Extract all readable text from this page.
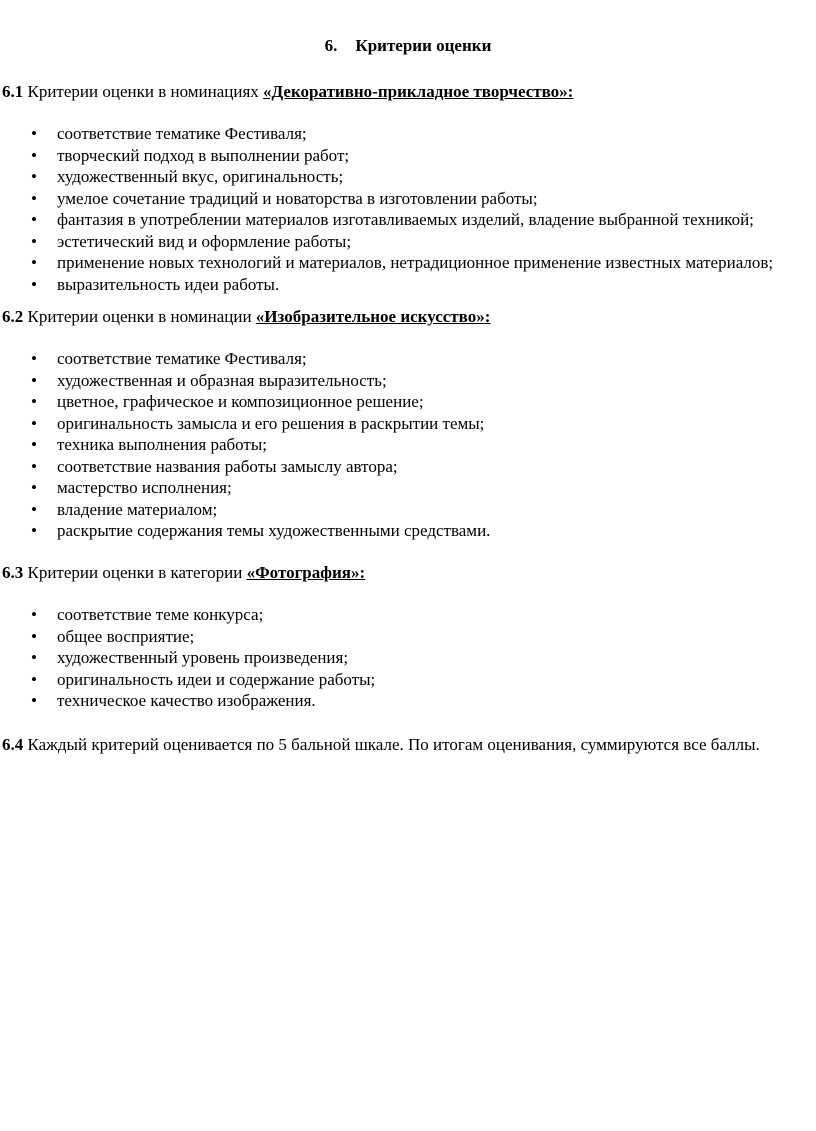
6. Критерии оценки
6.1 Критерии оценки в номинациях «Декоративно-прикладное творчество»:
• соответствие тематике Фестиваля;
• творческий подход в выполнении работ;
• художественный вкус, оригинальность;
• умелое сочетание традиций и новаторства в изготовлении работы;
• фантазия в употреблении материалов изготавливаемых изделий, владение выбранной техникой;
• эстетический вид и оформление работы;
• применение новых технологий и материалов, нетрадиционное применение известных материалов;
• выразительность идеи работы.
6.2 Критерии оценки в номинации «Изобразительное искусство»:
• соответствие тематике Фестиваля;
• художественная и образная выразительность;
• цветное, графическое и композиционное решение;
• оригинальность замысла и его решения в раскрытии темы;
• техника выполнения работы;
• соответствие названия работы замыслу автора;
• мастерство исполнения;
• владение материалом;
• раскрытие содержания темы художественными средствами.
6.3 Критерии оценки в категории «Фотография»:
• соответствие теме конкурса;
• общее восприятие;
• художественный уровень произведения;
• оригинальность идеи и содержание работы;
• техническое качество изображения.
6.4 Каждый критерий оценивается по 5 бальной шкале. По итогам оценивания, суммируются все баллы.
